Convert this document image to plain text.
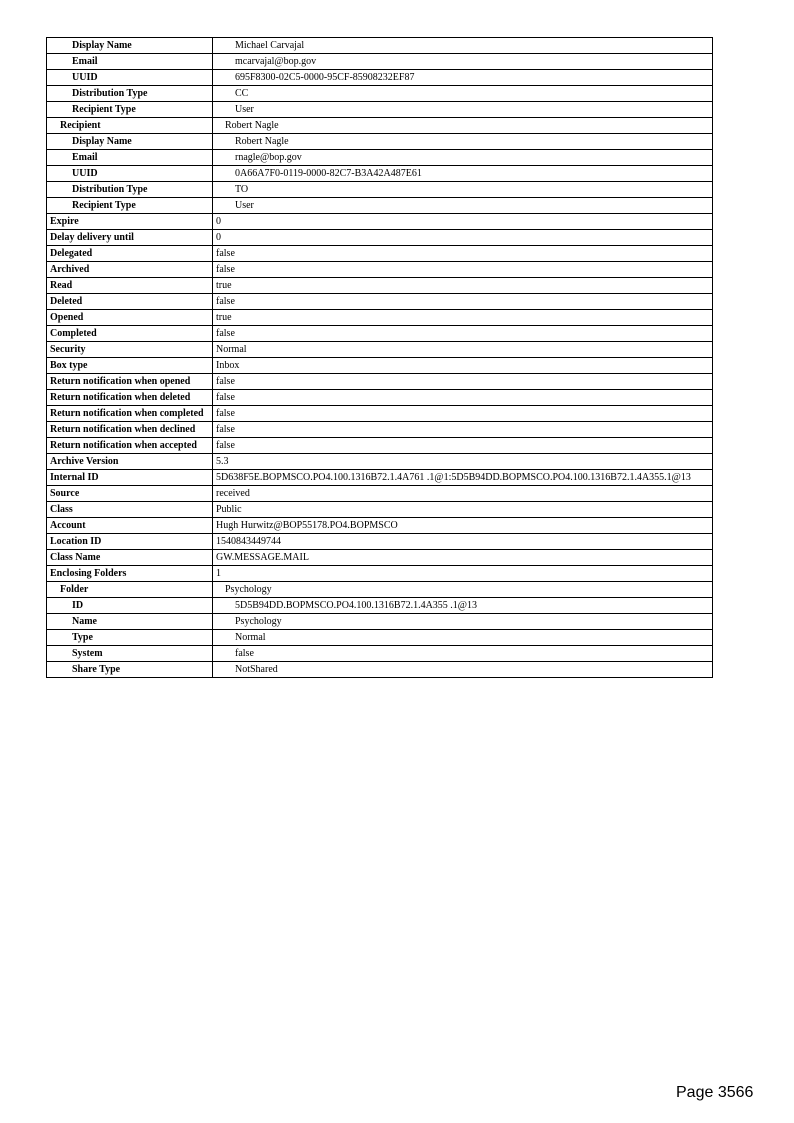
Display Name	Michael Carvajal
Email	mcarvajal@bop.gov
UUID	695F8300-02C5-0000-95CF-85908232EF87
Distribution Type	CC
Recipient Type	User
Recipient	Robert Nagle
Display Name	Robert Nagle
Email	rnagle@bop.gov
UUID	0A66A7F0-0119-0000-82C7-B3A42A487E61
Distribution Type	TO
Recipient Type	User
Expire	0
Delay delivery until	0
Delegated	false
Archived	false
Read	true
Deleted	false
Opened	true
Completed	false
Security	Normal
Box type	Inbox
Return notification when opened	false
Return notification when deleted	false
Return notification when completed	false
Return notification when declined	false
Return notification when accepted	false
Archive Version	5.3
Internal ID	5D638F5E.BOPMSCO.PO4.100.1316B72.1.4A761 .1@1:5D5B94DD.BOPMSCO.PO4.100.1316B72.1.4A355.1@13
Source	received
Class	Public
Account	Hugh Hurwitz@BOP55178.PO4.BOPMSCO
Location ID	1540843449744
Class Name	GW.MESSAGE.MAIL
Enclosing Folders	1
Folder	Psychology
ID	5D5B94DD.BOPMSCO.PO4.100.1316B72.1.4A355 .1@13
Name	Psychology
Type	Normal
System	false
Share Type	NotShared
Page 3566
